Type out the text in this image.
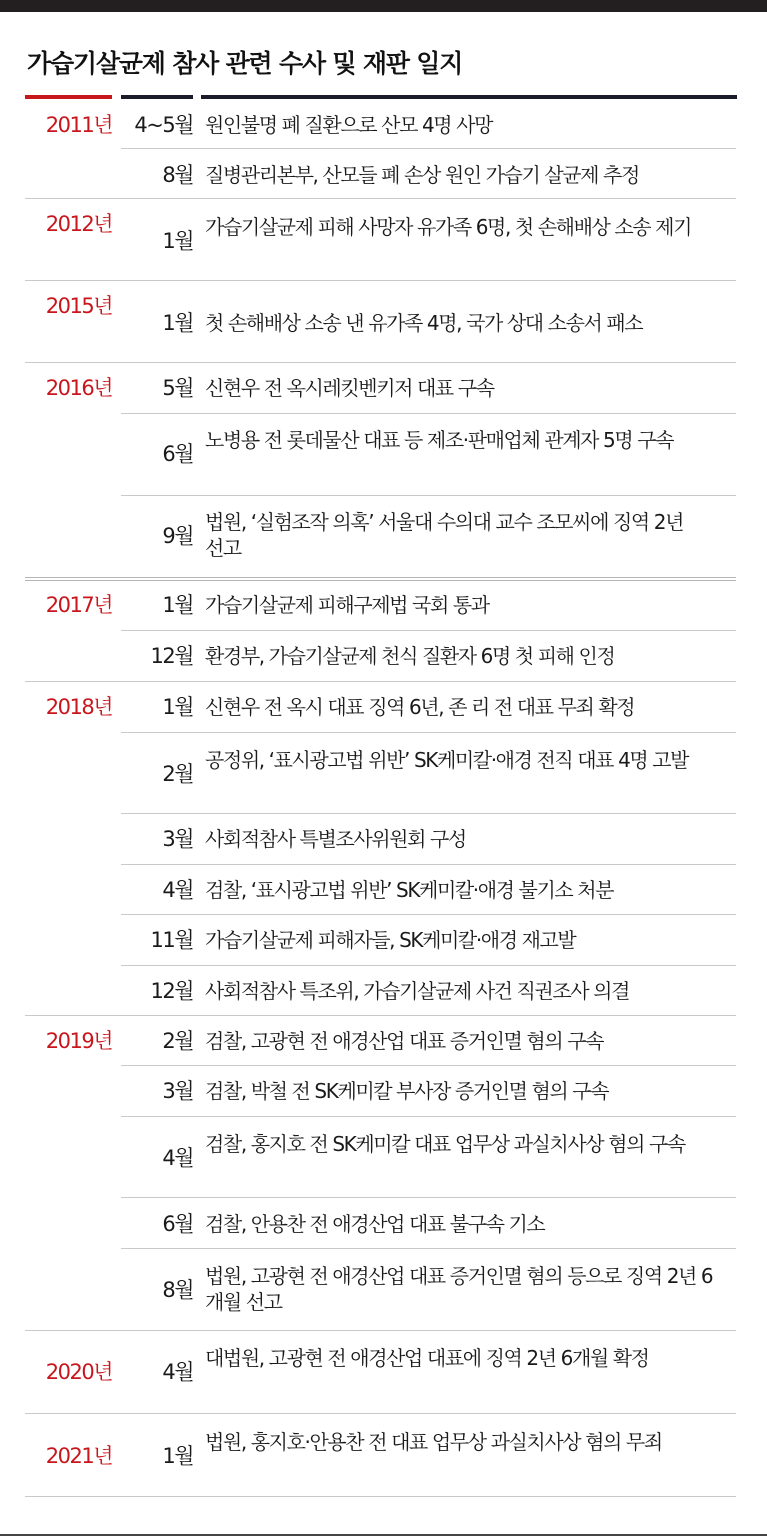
가습기살균제 참사 관련 수사 및 재판 일지
2011년
2012년
2015년
2016년
2017년
2018년
2019년
2020년
2021년
4~5월
8월
1월
1월
5월
6월
9월
1월
12월
1월
2월
3월
4월
11월
12월
2월
3월
4월
6월
8월
4월
1월
원인불명 폐 질환으로 산모 4명 사망
질병관리본부, 산모들 폐 손상 원인 가습기 살균제 추정
가습기살균제 피해 사망자 유가족 6명, 첫 손해배상 소송 제기
첫 손해배상 소송 낸 유가족 4명, 국가 상대 소송서 패소
신현우 전 옥시레킷벤키저 대표 구속
노병용 전 롯데물산 대표 등 제조·판매업체 관계자 5명 구속
법원, ‘실험조작 의혹’ 서울대 수의대 교수 조모씨에 징역 2년 선고
가습기살균제 피해구제법 국회 통과
환경부, 가습기살균제 천식 질환자 6명 첫 피해 인정
신현우 전 옥시 대표 징역 6년, 존 리 전 대표 무죄 확정
공정위, ‘표시광고법 위반’ SK케미칼·애경 전직 대표 4명 고발
사회적참사 특별조사위원회 구성
검찰, ‘표시광고법 위반’ SK케미칼·애경 불기소 처분
가습기살균제 피해자들, SK케미칼·애경 재고발
사회적참사 특조위, 가습기살균제 사건 직권조사 의결
검찰, 고광현 전 애경산업 대표 증거인멸 혐의 구속
검찰, 박철 전 SK케미칼 부사장 증거인멸 혐의 구속
검찰, 홍지호 전 SK케미칼 대표 업무상 과실치사상 혐의 구속
검찰, 안용찬 전 애경산업 대표 불구속 기소
법원, 고광현 전 애경산업 대표 증거인멸 혐의 등으로 징역 2년 6개월 선고
대법원, 고광현 전 애경산업 대표에 징역 2년 6개월 확정
법원, 홍지호·안용찬 전 대표 업무상 과실치사상 혐의 무죄
